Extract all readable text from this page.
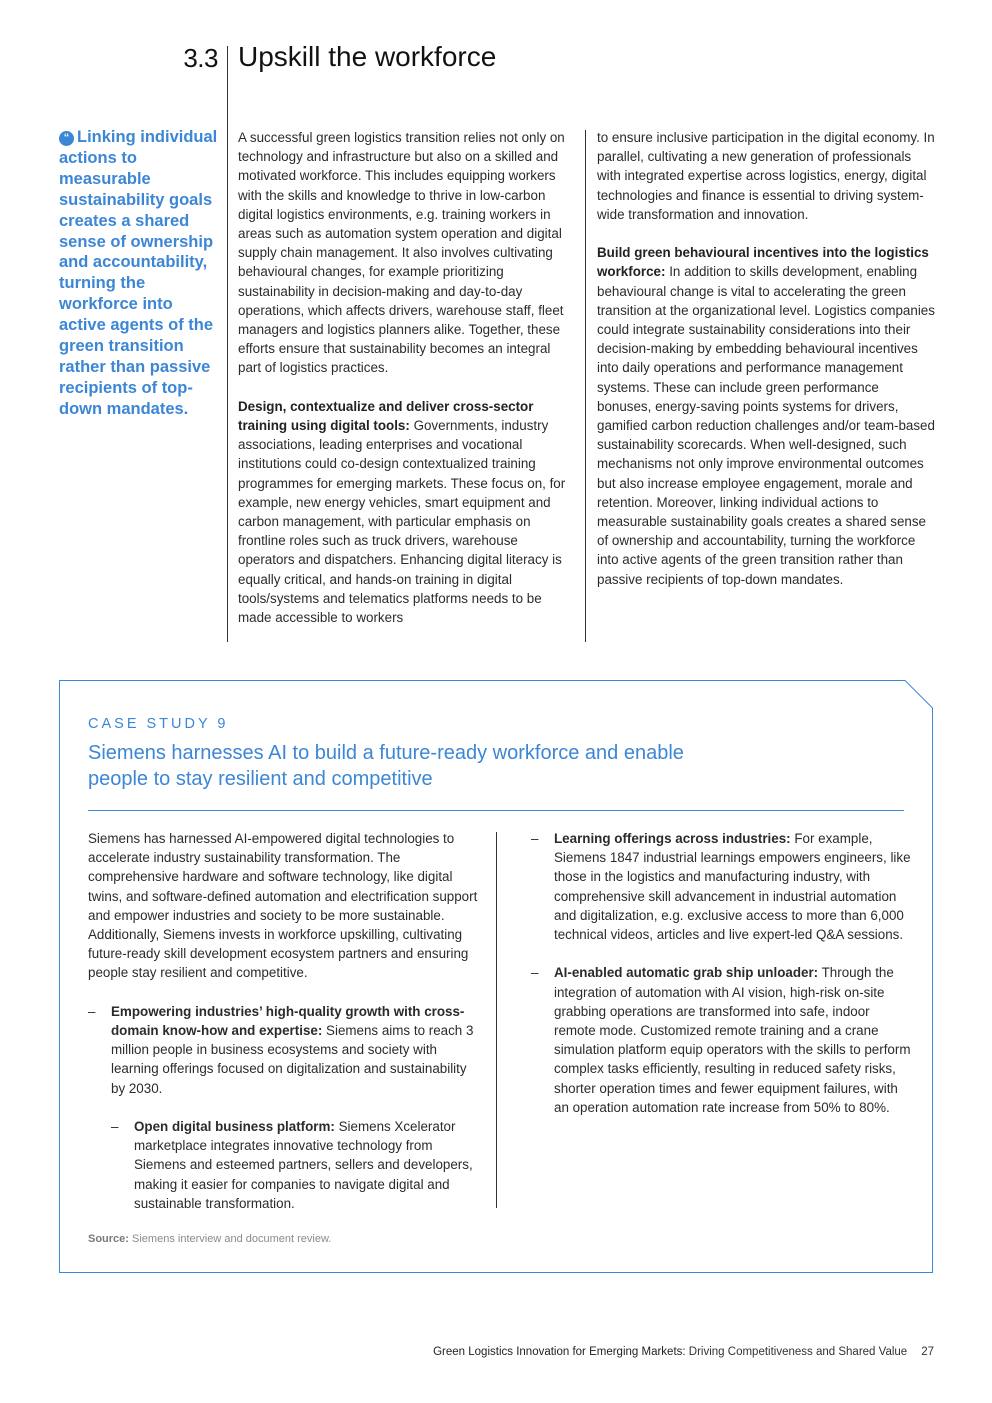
3.3 Upskill the workforce
“ Linking individual actions to measurable sustainability goals creates a shared sense of ownership and accountability, turning the workforce into active agents of the green transition rather than passive recipients of top-down mandates.

A successful green logistics transition relies not only on technology and infrastructure but also on a skilled and motivated workforce. This includes equipping workers with the skills and knowledge to thrive in low-carbon digital logistics environments, e.g. training workers in areas such as automation system operation and digital supply chain management. It also involves cultivating behavioural changes, for example prioritizing sustainability in decision-making and day-to-day operations, which affects drivers, warehouse staff, fleet managers and logistics planners alike. Together, these efforts ensure that sustainability becomes an integral part of logistics practices.

Design, contextualize and deliver cross-sector training using digital tools: Governments, industry associations, leading enterprises and vocational institutions could co-design contextualized training programmes for emerging markets. These focus on, for example, new energy vehicles, smart equipment and carbon management, with particular emphasis on frontline roles such as truck drivers, warehouse operators and dispatchers. Enhancing digital literacy is equally critical, and hands-on training in digital tools/systems and telematics platforms needs to be made accessible to workers

to ensure inclusive participation in the digital economy. In parallel, cultivating a new generation of professionals with integrated expertise across logistics, energy, digital technologies and finance is essential to driving system-wide transformation and innovation.

Build green behavioural incentives into the logistics workforce: In addition to skills development, enabling behavioural change is vital to accelerating the green transition at the organizational level. Logistics companies could integrate sustainability considerations into their decision-making by embedding behavioural incentives into daily operations and performance management systems. These can include green performance bonuses, energy-saving points systems for drivers, gamified carbon reduction challenges and/or team-based sustainability scorecards. When well-designed, such mechanisms not only improve environmental outcomes but also increase employee engagement, morale and retention. Moreover, linking individual actions to measurable sustainability goals creates a shared sense of ownership and accountability, turning the workforce into active agents of the green transition rather than passive recipients of top-down mandates.

CASE STUDY 9
Siemens harnesses AI to build a future-ready workforce and enable people to stay resilient and competitive

Siemens has harnessed AI-empowered digital technologies to accelerate industry sustainability transformation. The comprehensive hardware and software technology, like digital twins, and software-defined automation and electrification support and empower industries and society to be more sustainable. Additionally, Siemens invests in workforce upskilling, cultivating future-ready skill development ecosystem partners and ensuring people stay resilient and competitive.

– Empowering industries’ high-quality growth with cross-domain know-how and expertise: Siemens aims to reach 3 million people in business ecosystems and society with learning offerings focused on digitalization and sustainability by 2030.
– Open digital business platform: Siemens Xcelerator marketplace integrates innovative technology from Siemens and esteemed partners, sellers and developers, making it easier for companies to navigate digital and sustainable transformation.
– Learning offerings across industries: For example, Siemens 1847 industrial learnings empowers engineers, like those in the logistics and manufacturing industry, with comprehensive skill advancement in industrial automation and digitalization, e.g. exclusive access to more than 6,000 technical videos, articles and live expert-led Q&A sessions.
– AI-enabled automatic grab ship unloader: Through the integration of automation with AI vision, high-risk on-site grabbing operations are transformed into safe, indoor remote mode. Customized remote training and a crane simulation platform equip operators with the skills to perform complex tasks efficiently, resulting in reduced safety risks, shorter operation times and fewer equipment failures, with an operation automation rate increase from 50% to 80%.
Source: Siemens interview and document review.
Green Logistics Innovation for Emerging Markets: Driving Competitiveness and Shared Value 27
